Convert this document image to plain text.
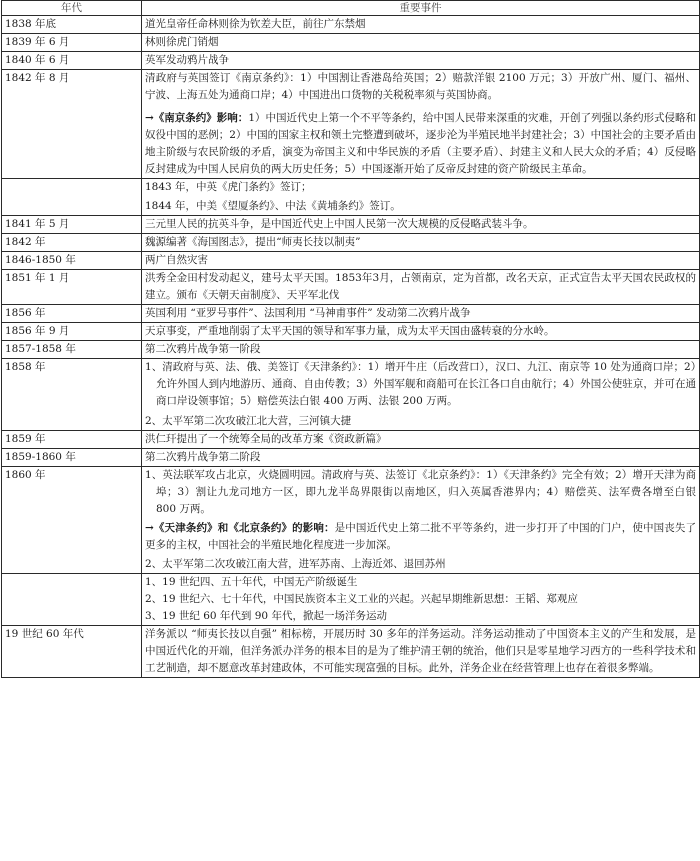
年代	重要事件
1838 年底	道光皇帝任命林则徐为钦差大臣，前往广东禁烟

1839 年 6 月	林则徐虎门销烟

1840 年 6 月	英军发动鸦片战争

1842 年 8 月	清政府与英国签订《南京条约》：1）中国割让香港岛给英国；2）赔款洋银 2100 万元；3）开放广州、厦门、福州、宁波、上海五处为通商口岸；4）中国进出口货物的关税税率须与英国协商。

→《南京条约》影响：1）中国近代史上第一个不平等条约，给中国人民带来深重的灾难，开创了列强以条约形式侵略和奴役中国的恶例；2）中国的国家主权和领土完整遭到破坏，逐步沦为半殖民地半封建社会；3）中国社会的主要矛盾由地主阶级与农民阶级的矛盾，演变为帝国主义和中华民族的矛盾（主要矛盾）、封建主义和人民大众的矛盾；4）反侵略反封建成为中国人民肩负的两大历史任务；5）中国逐渐开始了反帝反封建的资产阶级民主革命。

	1843 年，中英《虎门条约》签订；

1844 年，中美《望厦条约》、中法《黄埔条约》签订。

1841 年 5 月	三元里人民的抗英斗争，是中国近代史上中国人民第一次大规模的反侵略武装斗争。

1842 年	魏源编著《海国图志》，提出“师夷长技以制夷”

1846-1850 年	两广自然灾害

1851 年 1 月	洪秀全金田村发动起义，建号太平天国。1853年3月，占领南京，定为首都，改名天京，正式宣告太平天国农民政权的建立。颁布《天朝天亩制度》、天平军北伐

1856 年	英国利用 “亚罗号事件”、法国利用 “马神甫事件” 发动第二次鸦片战争

1856 年 9 月	天京事变，严重地削弱了太平天国的领导和军事力量，成为太平天国由盛转衰的分水岭。

1857-1858 年	第二次鸦片战争第一阶段

1858 年	1、清政府与英、法、俄、美签订《天津条约》：1）增开牛庄（后改营口），汉口、九江、南京等 10 处为通商口岸；2）允许外国人到内地游历、通商、自由传教；3）外国军舰和商船可在长江各口自由航行；4）外国公使驻京，并可在通商口岸设领事馆；5）赔偿英法白银 400 万两、法银 200 万两。

2、太平军第二次攻破江北大营，三河镇大捷

1859 年	洪仁玕提出了一个统筹全局的改革方案《资政新篇》

1859-1860 年	第二次鸦片战争第二阶段

1860 年	1、英法联军攻占北京，火烧圆明园。清政府与英、法签订《北京条约》：1）《天津条约》完全有效；2）增开天津为商埠；3）割让九龙司地方一区，即九龙半岛界限街以南地区，归入英属香港界内；4）赔偿英、法军费各增至白银 800 万两。

→《天津条约》和《北京条约》的影响：是中国近代史上第二批不平等条约，进一步打开了中国的门户，使中国丧失了更多的主权，中国社会的半殖民地化程度进一步加深。

2、太平军第二次攻破江南大营，进军苏南、上海近郊、退回苏州

	1、19 世纪四、五十年代，中国无产阶级诞生

2、19 世纪六、七十年代，中国民族资本主义工业的兴起。兴起早期维新思想：王韬、郑观应

3、19 世纪 60 年代到 90 年代，掀起一场洋务运动

19 世纪 60 年代	洋务派以 “师夷长技以自强” 相标榜，开展历时 30 多年的洋务运动。洋务运动推动了中国资本主义的产生和发展，是中国近代化的开端，但洋务派办洋务的根本目的是为了维护清王朝的统治，他们只是零星地学习西方的一些科学技术和工艺制造，却不愿意改革封建政体，不可能实现富强的目标。此外，洋务企业在经营管理上也存在着很多弊端。
